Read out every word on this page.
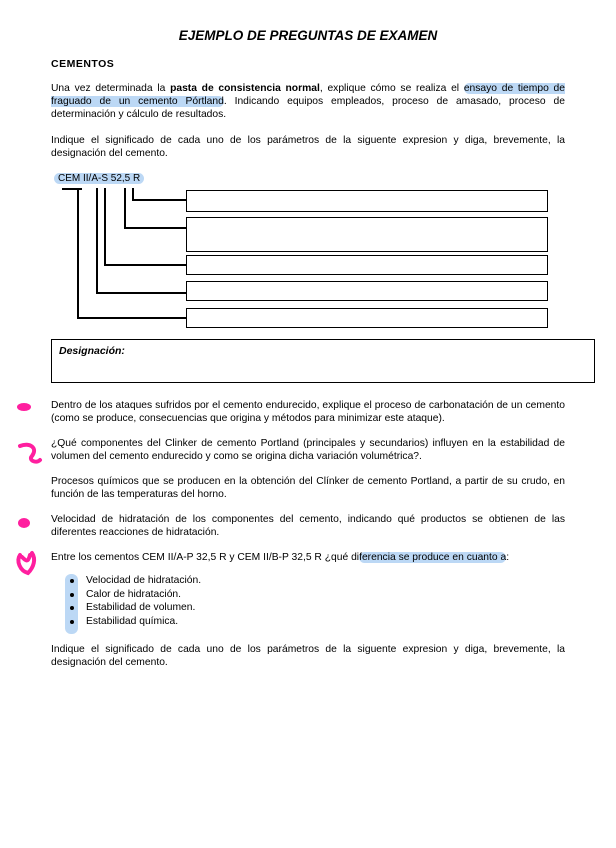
EJEMPLO DE PREGUNTAS DE EXAMEN
CEMENTOS
Una vez determinada la pasta de consistencia normal, explique cómo se realiza el ensayo de tiempo de fraguado de un cemento Pórtland. Indicando equipos empleados, proceso de amasado, proceso de determinación y cálculo de resultados.
Indique el significado de cada uno de los parámetros de la siguente expresion y diga, brevemente, la designación del cemento.
CEM II/A-S 52,5 R
Designación:
Dentro de los ataques sufridos por el cemento endurecido, explique el proceso de carbonatación de un cemento (como se produce, consecuencias que origina y métodos para minimizar este ataque).
¿Qué componentes del Clinker de cemento Portland (principales y secundarios) influyen en la estabilidad de volumen del cemento endurecido y como se origina dicha variación volumétrica?.
Procesos químicos que se producen en la obtención del Clínker de cemento Portland, a partir de su crudo, en función de las temperaturas del horno.
Velocidad de hidratación de los componentes del cemento, indicando qué productos se obtienen de las diferentes reacciones de hidratación.
Entre los cementos CEM II/A-P 32,5 R y CEM II/B-P 32,5 R ¿qué diferencia se produce en cuanto a:
Velocidad de hidratación.
Calor de hidratación.
Estabilidad de volumen.
Estabilidad química.
Indique el significado de cada uno de los parámetros de la siguente expresion y diga, brevemente, la designación del cemento.
